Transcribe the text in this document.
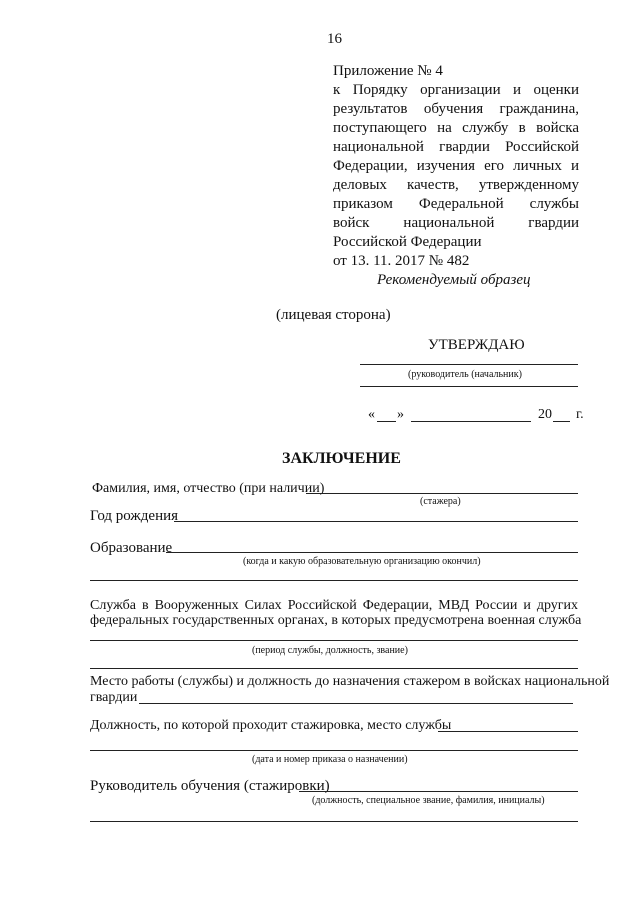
16
Приложение № 4
к Порядку организации и оценки
результатов обучения гражданина,
поступающего на службу в войска
национальной гвардии Российской
Федерации, изучения его личных и
деловых качеств, утвержденному
приказом Федеральной службы
войск национальной гвардии
Российской Федерации
от 13. 11. 2017 № 482
Рекомендуемый образец
(лицевая сторона)
УТВЕРЖДАЮ
(руководитель (начальник)
« »	20 г.
ЗАКЛЮЧЕНИЕ
Фамилия, имя, отчество (при наличии)
(стажера)
Год рождения
Образование
(когда и какую образовательную организацию окончил)
Служба в Вооруженных Силах Российской Федерации, МВД России и других
федеральных государственных органах, в которых предусмотрена военная служба
(период службы, должность, звание)
Место работы (службы) и должность до назначения стажером в войсках национальной
гвардии
Должность, по которой проходит стажировка, место службы
(дата и номер приказа о назначении)
Руководитель обучения (стажировки)
(должность, специальное звание, фамилия, инициалы)
